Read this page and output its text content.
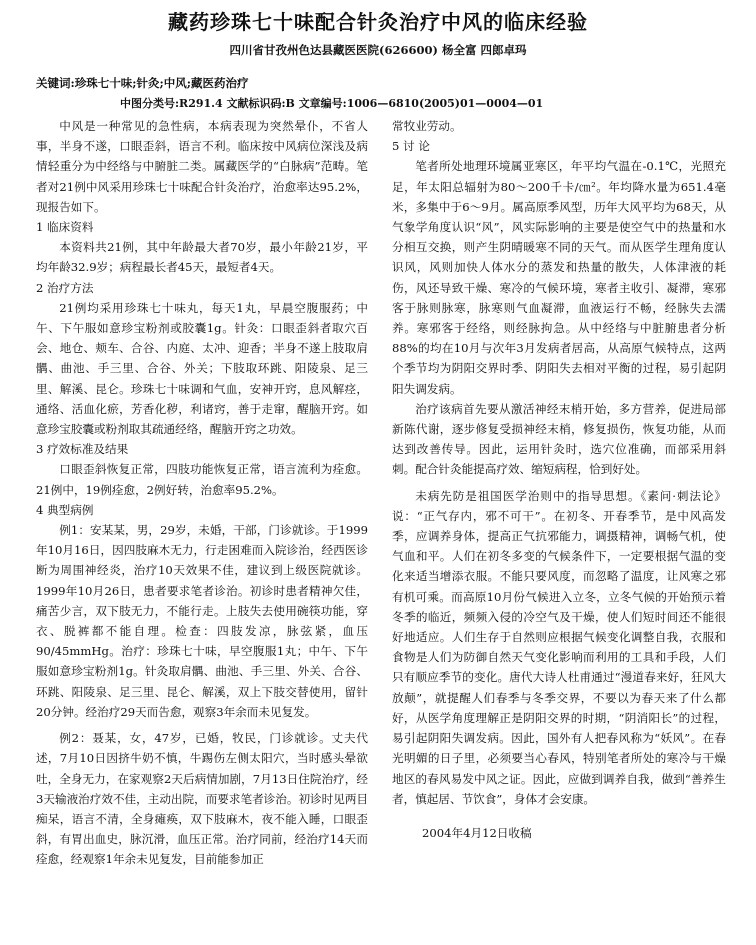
藏药珍珠七十味配合针灸治疗中风的临床经验
四川省甘孜州色达县藏医医院(626600) 杨全富 四郎卓玛
关键词:珍珠七十味;针灸;中风;藏医药治疗
中图分类号:R291.4 文献标识码:B 文章编号:1006—6810(2005)01—0004—01

中风是一种常见的急性病，本病表现为突然晕仆，不省人事，半身不遂，口眼歪斜，语言不利。临床按中风病位深浅及病情轻重分为中经络与中腑脏二类。属藏医学的“白脉病”范畴。笔者对21例中风采用珍珠七十味配合针灸治疗，治愈率达95.2%，现报告如下。

1 临床资料

本资料共21例，其中年龄最大者70岁，最小年龄21岁，平均年龄32.9岁；病程最长者45天，最短者4天。

2 治疗方法

21例均采用珍珠七十味丸，每天1丸，早晨空腹服药；中午、下午服如意珍宝粉剂或胶囊1g。针灸：口眼歪斜者取穴百会、地仓、颊车、合谷、内庭、太冲、迎香；半身不遂上肢取肩髃、曲池、手三里、合谷、外关；下肢取环跳、阳陵泉、足三里、解溪、昆仑。珍珠七十味调和气血，安神开窍，息风解痉，通络、活血化瘀，芳香化秽，利诸窍，善于走窜，醒脑开窍。如意珍宝胶囊或粉剂取其疏通经络，醒脑开窍之功效。

3 疗效标准及结果

口眼歪斜恢复正常，四肢功能恢复正常，语言流利为痊愈。21例中，19例痊愈，2例好转，治愈率95.2%。

4 典型病例

例1：安某某，男，29岁，未婚，干部，门诊就诊。于1999年10月16日，因四肢麻木无力，行走困难而入院诊治，经西医诊断为周围神经炎，治疗10天效果不佳，建议到上级医院就诊。1999年10月26日，患者要求笔者诊治。初诊时患者精神欠佳，痛苦少言，双下肢无力，不能行走。上肢失去使用碗筷功能，穿衣、脱裤都不能自理。检查：四肢发凉，脉弦紧，血压90/45mmHg。治疗：珍珠七十味，早空腹服1丸；中午、下午服如意珍宝粉剂1g。针灸取肩髃、曲池、手三里、外关、合谷、环跳、阳陵泉、足三里、昆仑、解溪，双上下肢交替使用，留针20分钟。经治疗29天而告愈，观察3年余而未见复发。

例2：聂某，女，47岁，已婚，牧民，门诊就诊。丈夫代述，7月10日因挤牛奶不慎，牛踢伤左侧太阳穴，当时感头晕欲吐，全身无力，在家观察2天后病情加剧，7月13日住院治疗，经3天输液治疗效不佳，主动出院，而要求笔者诊治。初诊时见两目痴呆，语言不清，全身瘫痪，双下肢麻木，夜不能入睡，口眼歪斜，有胃出血史，脉沉滑，血压正常。治疗同前，经治疗14天而痊愈，经观察1年余未见复发，目前能参加正

常牧业劳动。

5 讨 论

笔者所处地理环境属亚寒区，年平均气温在-0.1℃，光照充足，年太阳总辐射为80～200千卡/㎝²。年均降水量为651.4毫米，多集中于6～9月。属高原季风型，历年大风平均为68天，从气象学角度认识“风”，风实际影响的主要是使空气中的热量和水分相互交换，则产生阴晴暖寒不同的天气。而从医学生理角度认识风，风则加快人体水分的蒸发和热量的散失，人体津液的耗伤，风还导致干燥、寒冷的气候环境，寒者主收引、凝滞，寒邪客于脉则脉寒，脉寒则气血凝滞，血液运行不畅，经脉失去濡养。寒邪客于经络，则经脉拘急。从中经络与中脏腑患者分析88%的均在10月与次年3月发病者居高，从高原气候特点，这两个季节均为阴阳交界时季、阴阳失去相对平衡的过程，易引起阴阳失调发病。

治疗该病首先要从激活神经末梢开始，多方营养，促进局部新陈代谢，逐步修复受损神经末梢，修复损伤，恢复功能，从而达到改善传导。因此，运用针灸时，选穴位准确，而部采用斜刺。配合针灸能提高疗效、缩短病程，恰到好处。

未病先防是祖国医学治则中的指导思想。《素问·刺法论》说：“正气存内，邪不可干”。在初冬、开春季节，是中风高发季，应调养身体，提高正气抗邪能力，调摄精神，调畅气机，使气血和平。人们在初冬多变的气候条件下，一定要根据气温的变化来适当增添衣服。不能只要风度，而忽略了温度，让风寒之邪有机可乘。而高原10月份气候进入立冬，立冬气候的开始预示着冬季的临近，频频入侵的冷空气及干燥，使人们短时间还不能很好地适应。人们生存于自然则应根据气候变化调整自我，衣服和食物是人们为防御自然天气变化影响而利用的工具和手段，人们只有顺应季节的变化。唐代大诗人杜甫通过“漫道春来好，狂风大放颠”，就提醒人们春季与冬季交界，不要以为春天来了什么都好，从医学角度理解正是阴阳交界的时期，“阴消阳长”的过程，易引起阴阳失调发病。因此，国外有人把春风称为“妖风”。在春光明媚的日子里，必须要当心春风，特别笔者所处的寒冷与干燥地区的春风易发中风之证。因此，应做到调养自我，做到“善养生者，慎起居、节饮食”，身体才会安康。

2004年4月12日收稿
